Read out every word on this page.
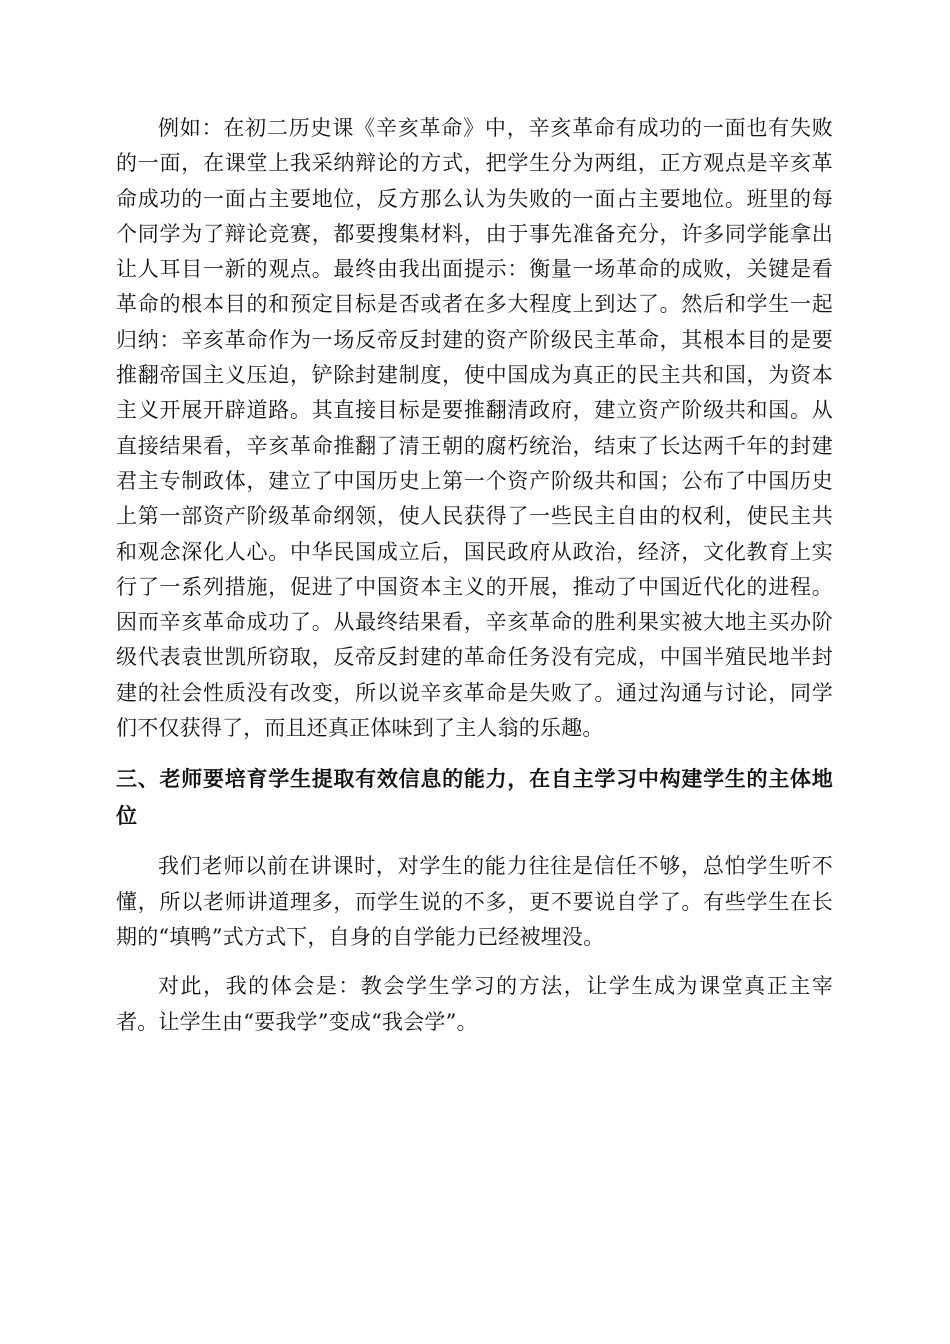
例如：在初二历史课《辛亥革命》中，辛亥革命有成功的一面也有失败的一面，在课堂上我采纳辩论的方式，把学生分为两组，正方观点是辛亥革命成功的一面占主要地位，反方那么认为失败的一面占主要地位。班里的每个同学为了辩论竞赛，都要搜集材料，由于事先准备充分，许多同学能拿出让人耳目一新的观点。最终由我出面提示：衡量一场革命的成败，关键是看革命的根本目的和预定目标是否或者在多大程度上到达了。然后和学生一起归纳：辛亥革命作为一场反帝反封建的资产阶级民主革命，其根本目的是要推翻帝国主义压迫，铲除封建制度，使中国成为真正的民主共和国，为资本主义开展开辟道路。其直接目标是要推翻清政府，建立资产阶级共和国。从直接结果看，辛亥革命推翻了清王朝的腐朽统治，结束了长达两千年的封建君主专制政体，建立了中国历史上第一个资产阶级共和国；公布了中国历史上第一部资产阶级革命纲领，使人民获得了一些民主自由的权利，使民主共和观念深化人心。中华民国成立后，国民政府从政治，经济，文化教育上实行了一系列措施，促进了中国资本主义的开展，推动了中国近代化的进程。因而辛亥革命成功了。从最终结果看，辛亥革命的胜利果实被大地主买办阶级代表袁世凯所窃取，反帝反封建的革命任务没有完成，中国半殖民地半封建的社会性质没有改变，所以说辛亥革命是失败了。通过沟通与讨论，同学们不仅获得了，而且还真正体味到了主人翁的乐趣。

三、老师要培育学生提取有效信息的能力，在自主学习中构建学生的主体地位

我们老师以前在讲课时，对学生的能力往往是信任不够，总怕学生听不懂，所以老师讲道理多，而学生说的不多，更不要说自学了。有些学生在长期的“填鸭”式方式下，自身的自学能力已经被埋没。

对此，我的体会是：教会学生学习的方法，让学生成为课堂真正主宰者。让学生由“要我学”变成“我会学”。
